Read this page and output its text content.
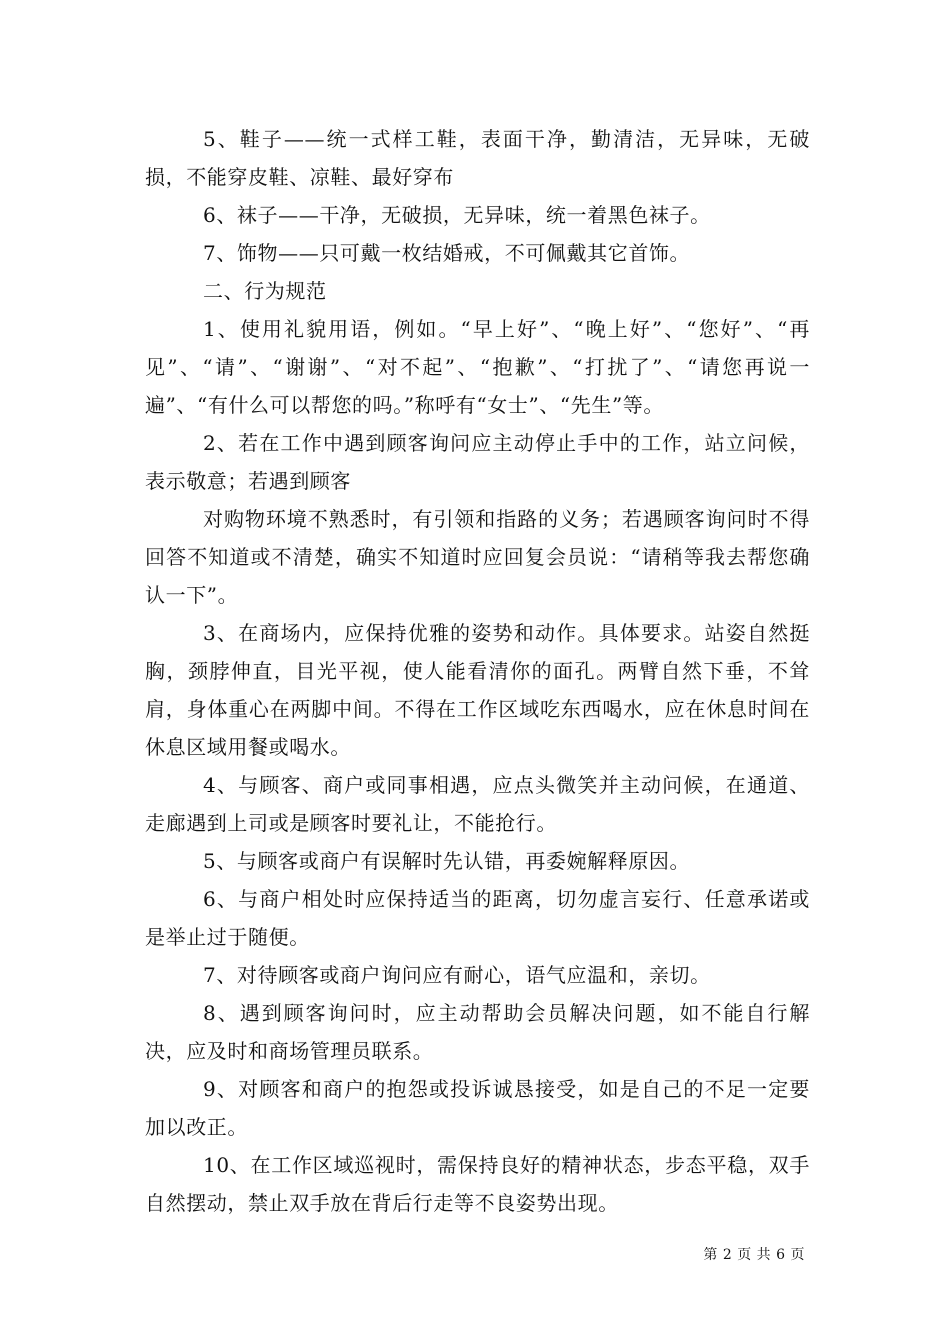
5、鞋子——统一式样工鞋，表面干净，勤清洁，无异味，无破损，不能穿皮鞋、凉鞋、最好穿布

6、袜子——干净，无破损，无异味，统一着黑色袜子。

7、饰物——只可戴一枚结婚戒，不可佩戴其它首饰。

二、行为规范

1、使用礼貌用语，例如。“早上好”、“晚上好”、“您好”、“再见”、“请”、“谢谢”、“对不起”、“抱歉”、“打扰了”、“请您再说一遍”、“有什么可以帮您的吗。”称呼有“女士”、“先生”等。

2、若在工作中遇到顾客询问应主动停止手中的工作，站立问候，表示敬意；若遇到顾客

对购物环境不熟悉时，有引领和指路的义务；若遇顾客询问时不得回答不知道或不清楚，确实不知道时应回复会员说：“请稍等我去帮您确认一下”。

3、在商场内，应保持优雅的姿势和动作。具体要求。站姿自然挺胸，颈脖伸直，目光平视，使人能看清你的面孔。两臂自然下垂，不耸肩，身体重心在两脚中间。不得在工作区域吃东西喝水，应在休息时间在休息区域用餐或喝水。

4、与顾客、商户或同事相遇，应点头微笑并主动问候，在通道、走廊遇到上司或是顾客时要礼让，不能抢行。

5、与顾客或商户有误解时先认错，再委婉解释原因。

6、与商户相处时应保持适当的距离，切勿虚言妄行、任意承诺或是举止过于随便。

7、对待顾客或商户询问应有耐心，语气应温和，亲切。

8、遇到顾客询问时，应主动帮助会员解决问题，如不能自行解决，应及时和商场管理员联系。

9、对顾客和商户的抱怨或投诉诚恳接受，如是自己的不足一定要加以改正。

10、在工作区域巡视时，需保持良好的精神状态，步态平稳，双手自然摆动，禁止双手放在背后行走等不良姿势出现。

第 2 页 共 6 页
